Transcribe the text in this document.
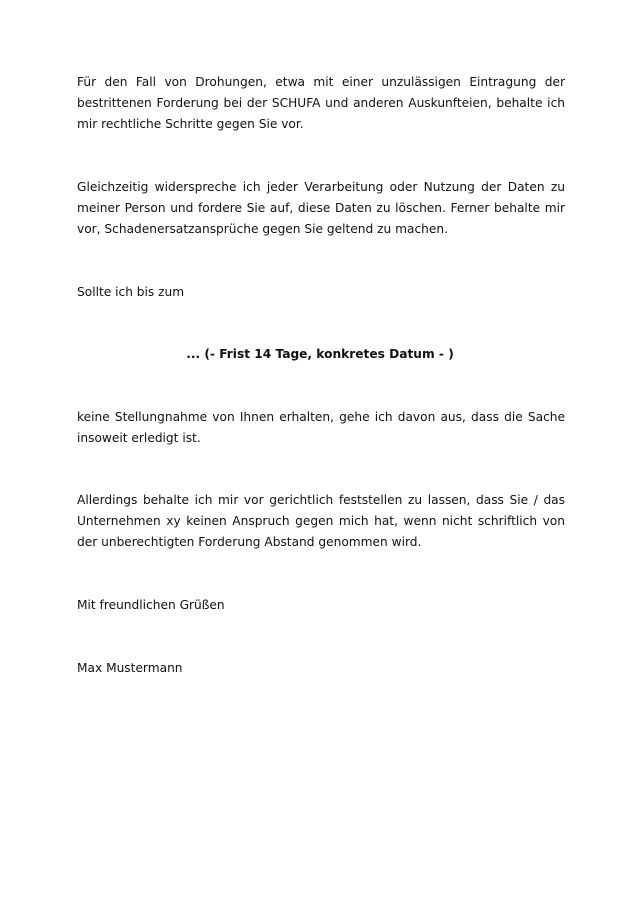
Für den Fall von Drohungen, etwa mit einer unzulässigen Eintragung der bestrittenen Forderung bei der SCHUFA und anderen Auskunfteien, behalte ich mir rechtliche Schritte gegen Sie vor.
Gleichzeitig widerspreche ich jeder Verarbeitung oder Nutzung der Daten zu meiner Person und fordere Sie auf, diese Daten zu löschen. Ferner behalte mir vor, Schadenersatzansprüche gegen Sie geltend zu machen.
Sollte ich bis zum
... (- Frist 14 Tage, konkretes Datum - )
keine Stellungnahme von Ihnen erhalten, gehe ich davon aus, dass die Sache insoweit erledigt ist.
Allerdings behalte ich mir vor gerichtlich feststellen zu lassen, dass Sie / das Unternehmen xy keinen Anspruch gegen mich hat, wenn nicht schriftlich von der unberechtigten Forderung Abstand genommen wird.
Mit freundlichen Grüßen
Max Mustermann
